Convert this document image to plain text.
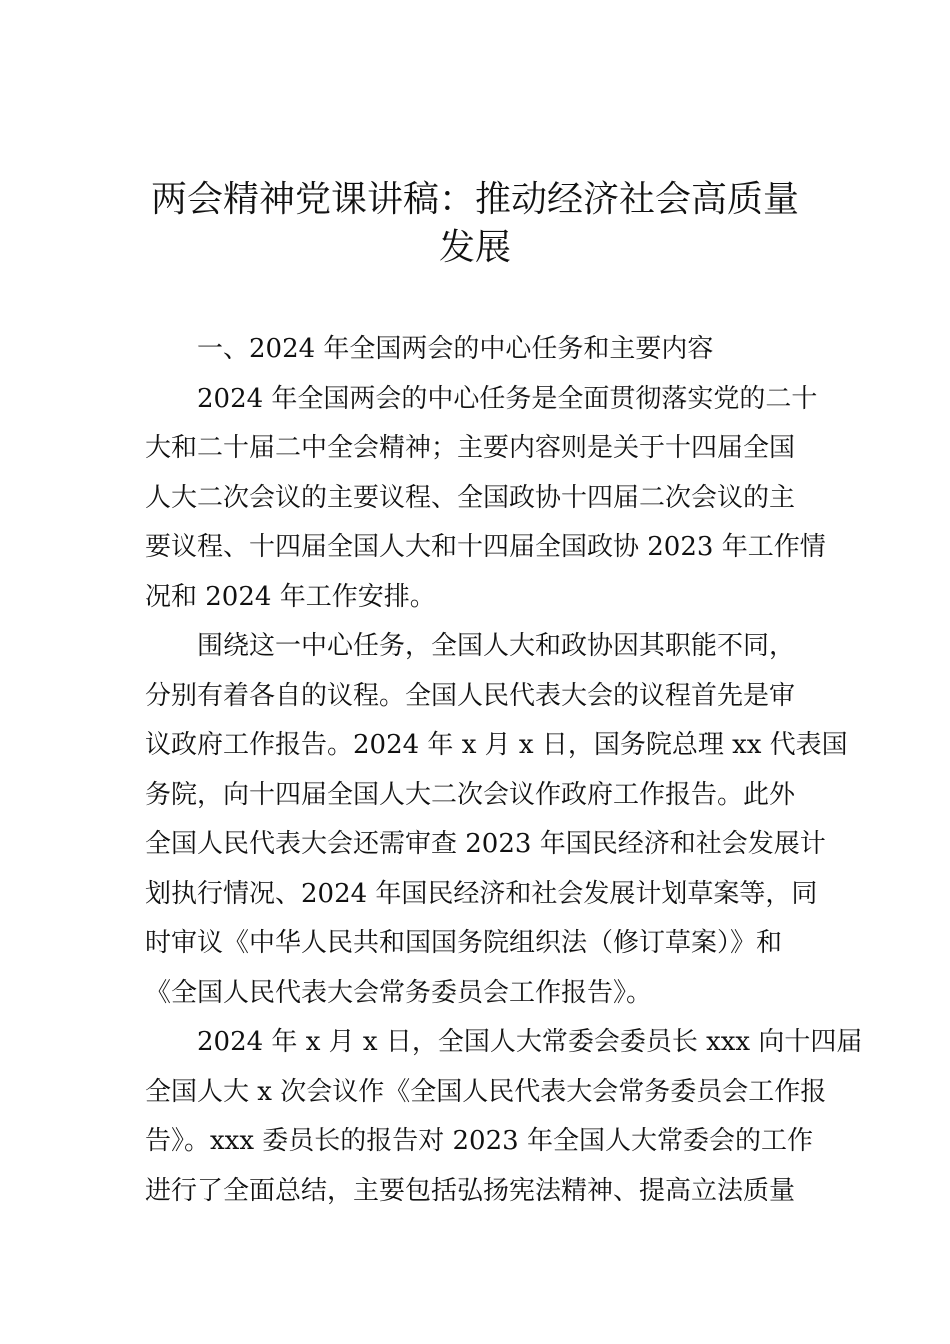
两会精神党课讲稿：推动经济社会高质量
发展

一、2024 年全国两会的中心任务和主要内容

2024 年全国两会的中心任务是全面贯彻落实党的二十
大和二十届二中全会精神；主要内容则是关于十四届全国
人大二次会议的主要议程、全国政协十四届二次会议的主
要议程、十四届全国人大和十四届全国政协 2023 年工作情
况和 2024 年工作安排。

围绕这一中心任务，全国人大和政协因其职能不同，
分别有着各自的议程。全国人民代表大会的议程首先是审
议政府工作报告。2024 年 x 月 x 日，国务院总理 xx 代表国
务院，向十四届全国人大二次会议作政府工作报告。此外
全国人民代表大会还需审查 2023 年国民经济和社会发展计
划执行情况、2024 年国民经济和社会发展计划草案等，同
时审议《中华人民共和国国务院组织法（修订草案）》和
《全国人民代表大会常务委员会工作报告》。

2024 年 x 月 x 日，全国人大常委会委员长 xxx 向十四届
全国人大 x 次会议作《全国人民代表大会常务委员会工作报
告》。xxx 委员长的报告对 2023 年全国人大常委会的工作
进行了全面总结，主要包括弘扬宪法精神、提高立法质量
